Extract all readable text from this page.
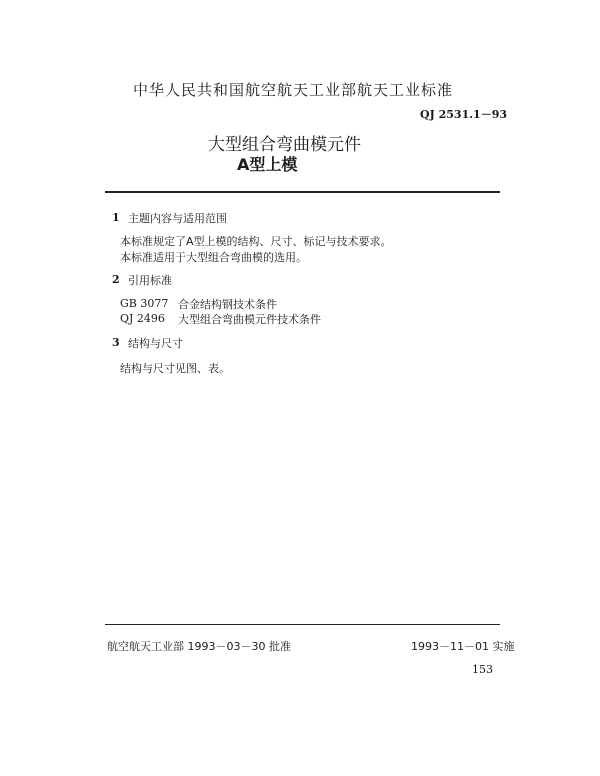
中华人民共和国航空航天工业部航天工业标准
QJ 2531.1－93
大型组合弯曲模元件
A型上模
1 主题内容与适用范围
本标准规定了A型上模的结构、尺寸、标记与技术要求。
本标准适用于大型组合弯曲模的选用。
2 引用标准
GB 3077 合金结构钢技术条件
QJ 2496 大型组合弯曲模元件技术条件
3 结构与尺寸
结构与尺寸见图、表。
航空航天工业部 1993－03－30 批准	1993－11－01 实施
153
